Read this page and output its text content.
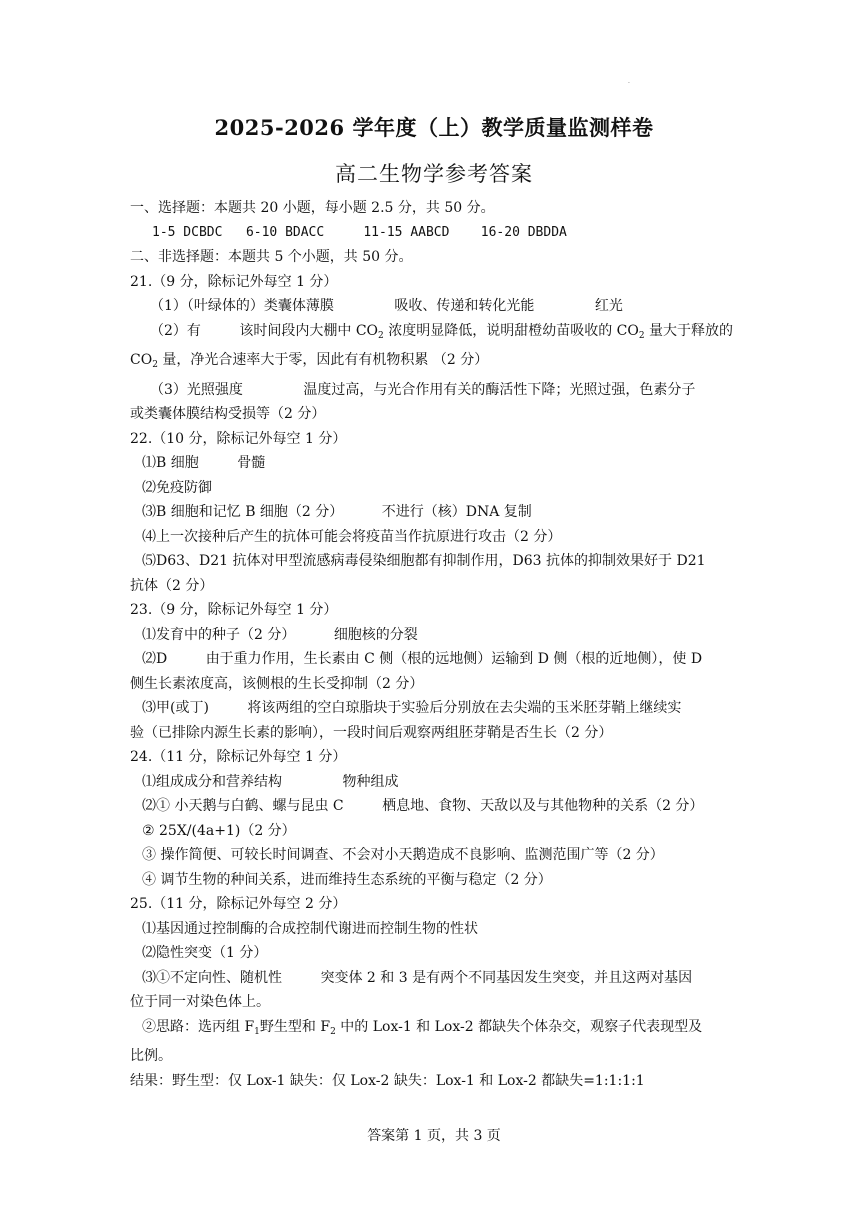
.
2025-2026 学年度（上）教学质量监测样卷
高二生物学参考答案
一、选择题：本题共 20 小题，每小题 2.5 分，共 50 分。
1-5 DCBDC 6-10 BDACC	11-15 AABCD 16-20 DBDDA
二、非选择题：本题共 5 个小题，共 50 分。
21.（9 分，除标记外每空 1 分）
（1）（叶绿体的）类囊体薄膜	吸收、传递和转化光能	红光
（2）有	该时间段内大棚中 $CO_2$ 浓度明显降低，说明甜橙幼苗吸收的 $CO_2$ 量大于释放的
$CO_2$ 量，净光合速率大于零，因此有有机物积累 （2 分）
（3）光照强度	温度过高，与光合作用有关的酶活性下降；光照过强，色素分子
或类囊体膜结构受损等（2 分）
22.（10 分，除标记外每空 1 分）
⑴B 细胞	骨髓
⑵免疫防御
⑶B 细胞和记忆 B 细胞（2 分）	不进行（核）DNA 复制
⑷上一次接种后产生的抗体可能会将疫苗当作抗原进行攻击（2 分）
⑸D63、D21 抗体对甲型流感病毒侵染细胞都有抑制作用，D63 抗体的抑制效果好于 D21
抗体（2 分）
23.（9 分，除标记外每空 1 分）
⑴发育中的种子（2 分）	细胞核的分裂
⑵D	由于重力作用，生长素由 C 侧（根的远地侧）运输到 D 侧（根的近地侧），使 D
侧生长素浓度高，该侧根的生长受抑制（2 分）
⑶甲(或丁)	将该两组的空白琼脂块于实验后分别放在去尖端的玉米胚芽鞘上继续实
验（已排除内源生长素的影响），一段时间后观察两组胚芽鞘是否生长（2 分）
24.（11 分，除标记外每空 1 分）
⑴组成成分和营养结构	物种组成
⑵① 小天鹅与白鹤、螺与昆虫 C	栖息地、食物、天敌以及与其他物种的关系（2 分）
② 25X/(4a+1)（2 分）
③ 操作简便、可较长时间调查、不会对小天鹅造成不良影响、监测范围广等（2 分）
④ 调节生物的种间关系，进而维持生态系统的平衡与稳定（2 分）
25.（11 分，除标记外每空 2 分）
⑴基因通过控制酶的合成控制代谢进而控制生物的性状
⑵隐性突变（1 分）
⑶①不定向性、随机性	突变体 2 和 3 是有两个不同基因发生突变，并且这两对基因
位于同一对染色体上。
②思路：选丙组 $F_1$野生型和 $F_2$ 中的 Lox-1 和 Lox-2 都缺失个体杂交，观察子代表现型及
比例。
结果：野生型：仅 Lox-1 缺失：仅 Lox-2 缺失：Lox-1 和 Lox-2 都缺失=1:1:1:1
答案第 1 页，共 3 页
